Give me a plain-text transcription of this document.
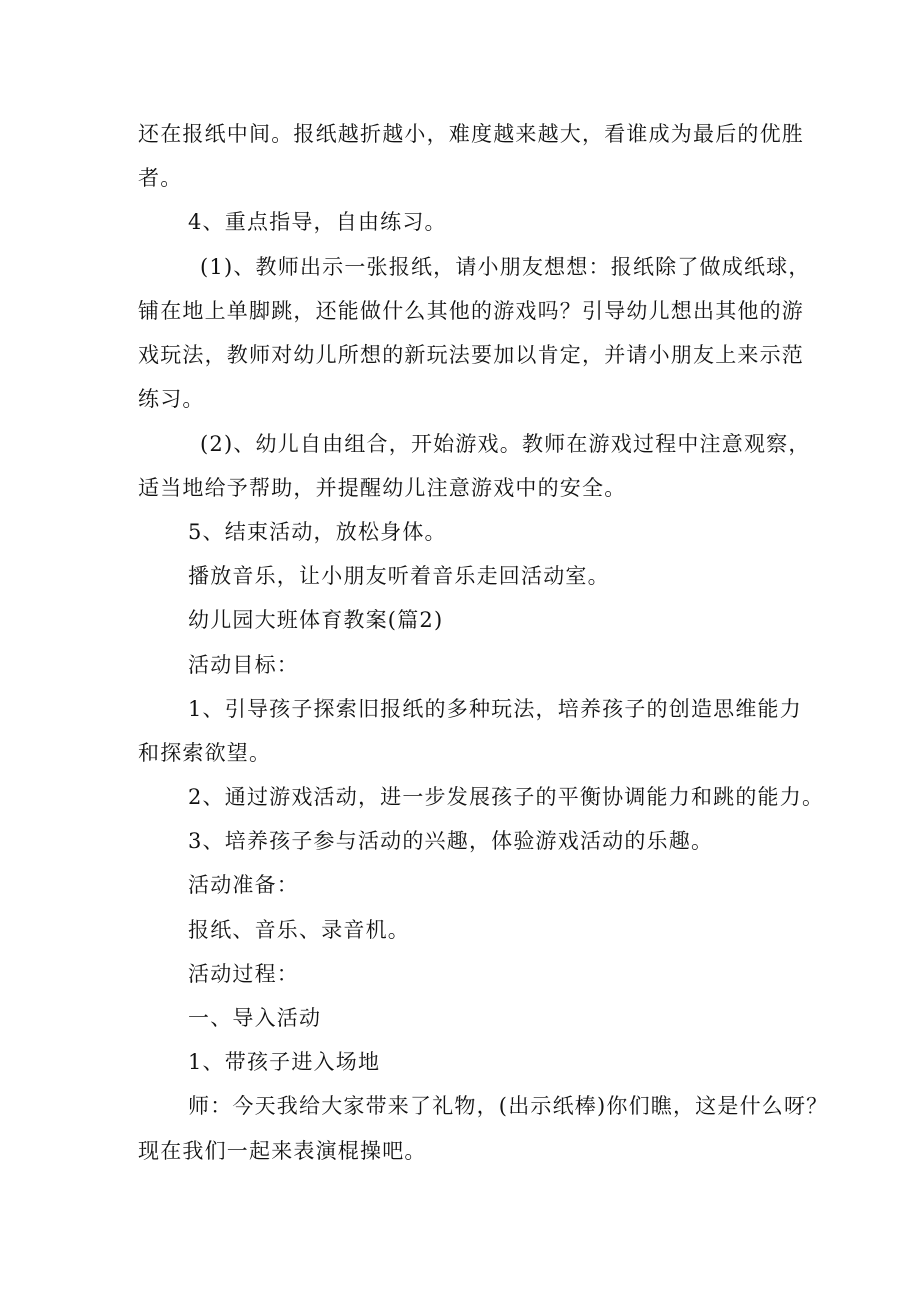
还在报纸中间。报纸越折越小，难度越来越大，看谁成为最后的优胜
者。
4、重点指导，自由练习。
(1)、教师出示一张报纸，请小朋友想想：报纸除了做成纸球，
铺在地上单脚跳，还能做什么其他的游戏吗？引导幼儿想出其他的游
戏玩法，教师对幼儿所想的新玩法要加以肯定，并请小朋友上来示范
练习。
(2)、幼儿自由组合，开始游戏。教师在游戏过程中注意观察，
适当地给予帮助，并提醒幼儿注意游戏中的安全。
5、结束活动，放松身体。
播放音乐，让小朋友听着音乐走回活动室。
幼儿园大班体育教案(篇2)
活动目标：
1、引导孩子探索旧报纸的多种玩法，培养孩子的创造思维能力
和探索欲望。
2、通过游戏活动，进一步发展孩子的平衡协调能力和跳的能力。
3、培养孩子参与活动的兴趣，体验游戏活动的乐趣。
活动准备：
报纸、音乐、录音机。
活动过程：
一、导入活动
1、带孩子进入场地
师：今天我给大家带来了礼物，(出示纸棒)你们瞧，这是什么呀？
现在我们一起来表演棍操吧。
